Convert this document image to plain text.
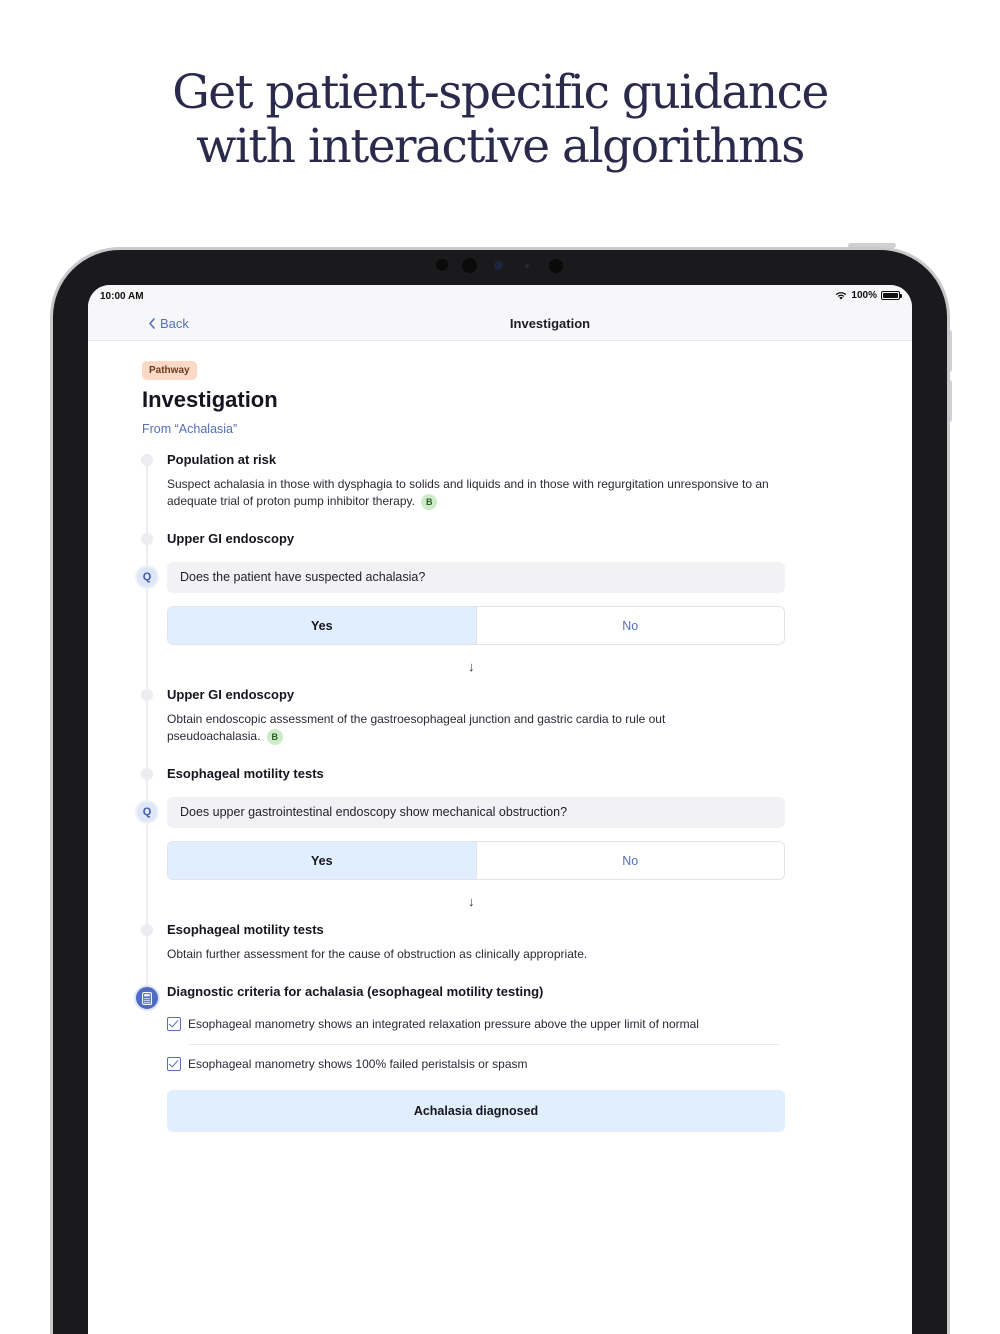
Get patient-specific guidance
with interactive algorithms
10:00 AM	100%
Back	Investigation
Pathway
Investigation
From “Achalasia”
Population at risk
Suspect achalasia in those with dysphagia to solids and liquids and in those with regurgitation unresponsive to an adequate trial of proton pump inhibitor therapy. B
Upper GI endoscopy
Q	Does the patient have suspected achalasia?
Yes	No
↓
Upper GI endoscopy
Obtain endoscopic assessment of the gastroesophageal junction and gastric cardia to rule out pseudoachalasia. B
Esophageal motility tests
Q	Does upper gastrointestinal endoscopy show mechanical obstruction?
Yes	No
↓
Esophageal motility tests
Obtain further assessment for the cause of obstruction as clinically appropriate.
Diagnostic criteria for achalasia (esophageal motility testing)
Esophageal manometry shows an integrated relaxation pressure above the upper limit of normal
Esophageal manometry shows 100% failed peristalsis or spasm
Achalasia diagnosed
